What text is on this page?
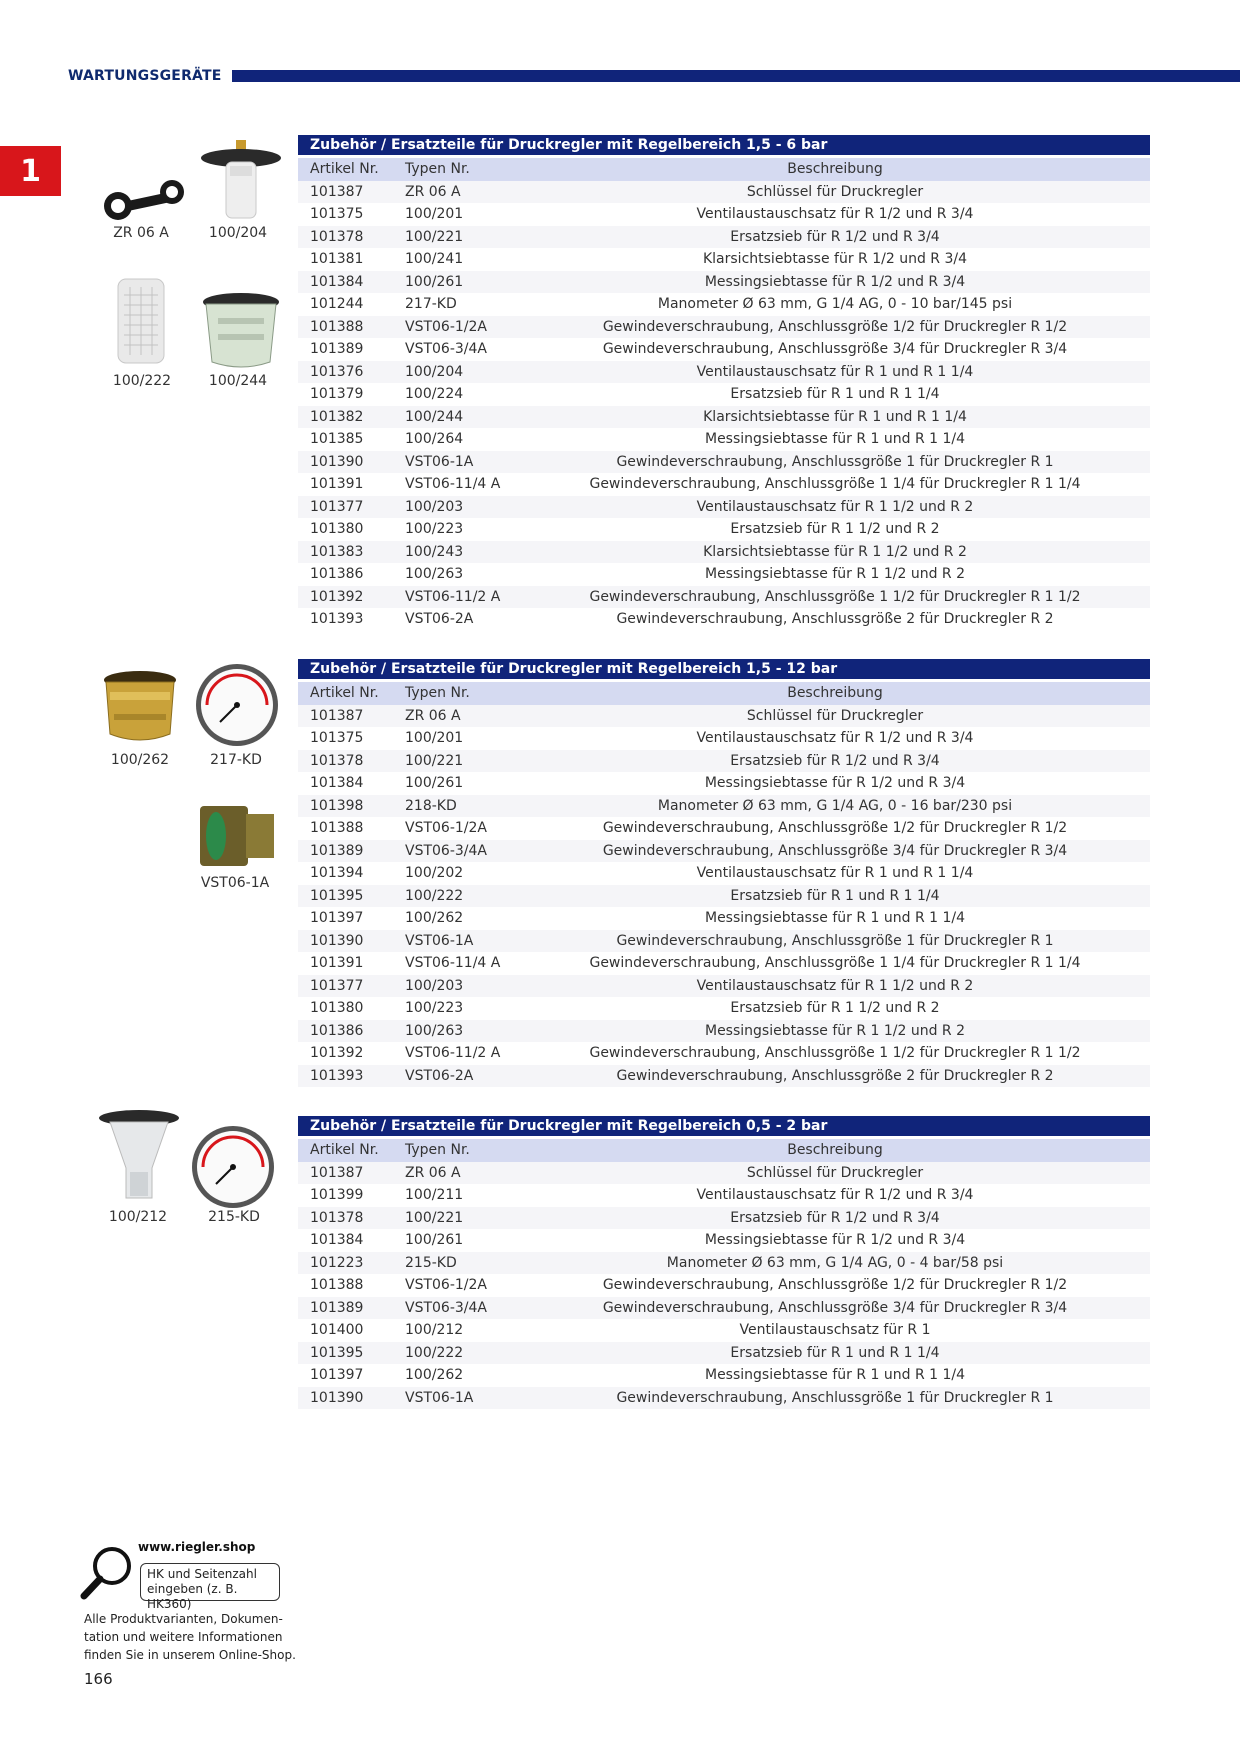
WARTUNGSGERÄTE
1
Zubehör / Ersatzteile für Druckregler mit Regelbereich 1,5 - 6 bar
Artikel Nr.	Typen Nr.	Beschreibung
101387	ZR 06 A	Schlüssel für Druckregler
101375	100/201	Ventilaustauschsatz für R 1/2 und R 3/4
101378	100/221	Ersatzsieb für R 1/2 und R 3/4
101381	100/241	Klarsichtsiebtasse für R 1/2 und R 3/4
101384	100/261	Messingsiebtasse für R 1/2 und R 3/4
101244	217-KD	Manometer Ø 63 mm, G 1/4 AG, 0 - 10 bar/145 psi
101388	VST06-1/2A	Gewindeverschraubung, Anschlussgröße 1/2 für Druckregler R 1/2
101389	VST06-3/4A	Gewindeverschraubung, Anschlussgröße 3/4 für Druckregler R 3/4
101376	100/204	Ventilaustauschsatz für R 1 und R 1 1/4
101379	100/224	Ersatzsieb für R 1 und R 1 1/4
101382	100/244	Klarsichtsiebtasse für R 1 und R 1 1/4
101385	100/264	Messingsiebtasse für R 1 und R 1 1/4
101390	VST06-1A	Gewindeverschraubung, Anschlussgröße 1 für Druckregler R 1
101391	VST06-11/4 A	Gewindeverschraubung, Anschlussgröße 1 1/4 für Druckregler R 1 1/4
101377	100/203	Ventilaustauschsatz für R 1 1/2 und R 2
101380	100/223	Ersatzsieb für R 1 1/2 und R 2
101383	100/243	Klarsichtsiebtasse für R 1 1/2 und R 2
101386	100/263	Messingsiebtasse für R 1 1/2 und R 2
101392	VST06-11/2 A	Gewindeverschraubung, Anschlussgröße 1 1/2 für Druckregler R 1 1/2
101393	VST06-2A	Gewindeverschraubung, Anschlussgröße 2 für Druckregler R 2
Zubehör / Ersatzteile für Druckregler mit Regelbereich 1,5 - 12 bar
Artikel Nr.	Typen Nr.	Beschreibung
101387	ZR 06 A	Schlüssel für Druckregler
101375	100/201	Ventilaustauschsatz für R 1/2 und R 3/4
101378	100/221	Ersatzsieb für R 1/2 und R 3/4
101384	100/261	Messingsiebtasse für R 1/2 und R 3/4
101398	218-KD	Manometer Ø 63 mm, G 1/4 AG, 0 - 16 bar/230 psi
101388	VST06-1/2A	Gewindeverschraubung, Anschlussgröße 1/2 für Druckregler R 1/2
101389	VST06-3/4A	Gewindeverschraubung, Anschlussgröße 3/4 für Druckregler R 3/4
101394	100/202	Ventilaustauschsatz für R 1 und R 1 1/4
101395	100/222	Ersatzsieb für R 1 und R 1 1/4
101397	100/262	Messingsiebtasse für R 1 und R 1 1/4
101390	VST06-1A	Gewindeverschraubung, Anschlussgröße 1 für Druckregler R 1
101391	VST06-11/4 A	Gewindeverschraubung, Anschlussgröße 1 1/4 für Druckregler R 1 1/4
101377	100/203	Ventilaustauschsatz für R 1 1/2 und R 2
101380	100/223	Ersatzsieb für R 1 1/2 und R 2
101386	100/263	Messingsiebtasse für R 1 1/2 und R 2
101392	VST06-11/2 A	Gewindeverschraubung, Anschlussgröße 1 1/2 für Druckregler R 1 1/2
101393	VST06-2A	Gewindeverschraubung, Anschlussgröße 2 für Druckregler R 2
Zubehör / Ersatzteile für Druckregler mit Regelbereich 0,5 - 2 bar
Artikel Nr.	Typen Nr.	Beschreibung
101387	ZR 06 A	Schlüssel für Druckregler
101399	100/211	Ventilaustauschsatz für R 1/2 und R 3/4
101378	100/221	Ersatzsieb für R 1/2 und R 3/4
101384	100/261	Messingsiebtasse für R 1/2 und R 3/4
101223	215-KD	Manometer Ø 63 mm, G 1/4 AG, 0 - 4 bar/58 psi
101388	VST06-1/2A	Gewindeverschraubung, Anschlussgröße 1/2 für Druckregler R 1/2
101389	VST06-3/4A	Gewindeverschraubung, Anschlussgröße 3/4 für Druckregler R 3/4
101400	100/212	Ventilaustauschsatz für R 1
101395	100/222	Ersatzsieb für R 1 und R 1 1/4
101397	100/262	Messingsiebtasse für R 1 und R 1 1/4
101390	VST06-1A	Gewindeverschraubung, Anschlussgröße 1 für Druckregler R 1
ZR 06 A	100/204
100/222	100/244
100/262	217-KD
VST06-1A
100/212	215-KD
www.riegler.shop
HK und Seitenzahl
eingeben (z. B. HK360)
Alle Produktvarianten, Dokumen-
tation und weitere Informationen
finden Sie in unserem Online-Shop.
166
